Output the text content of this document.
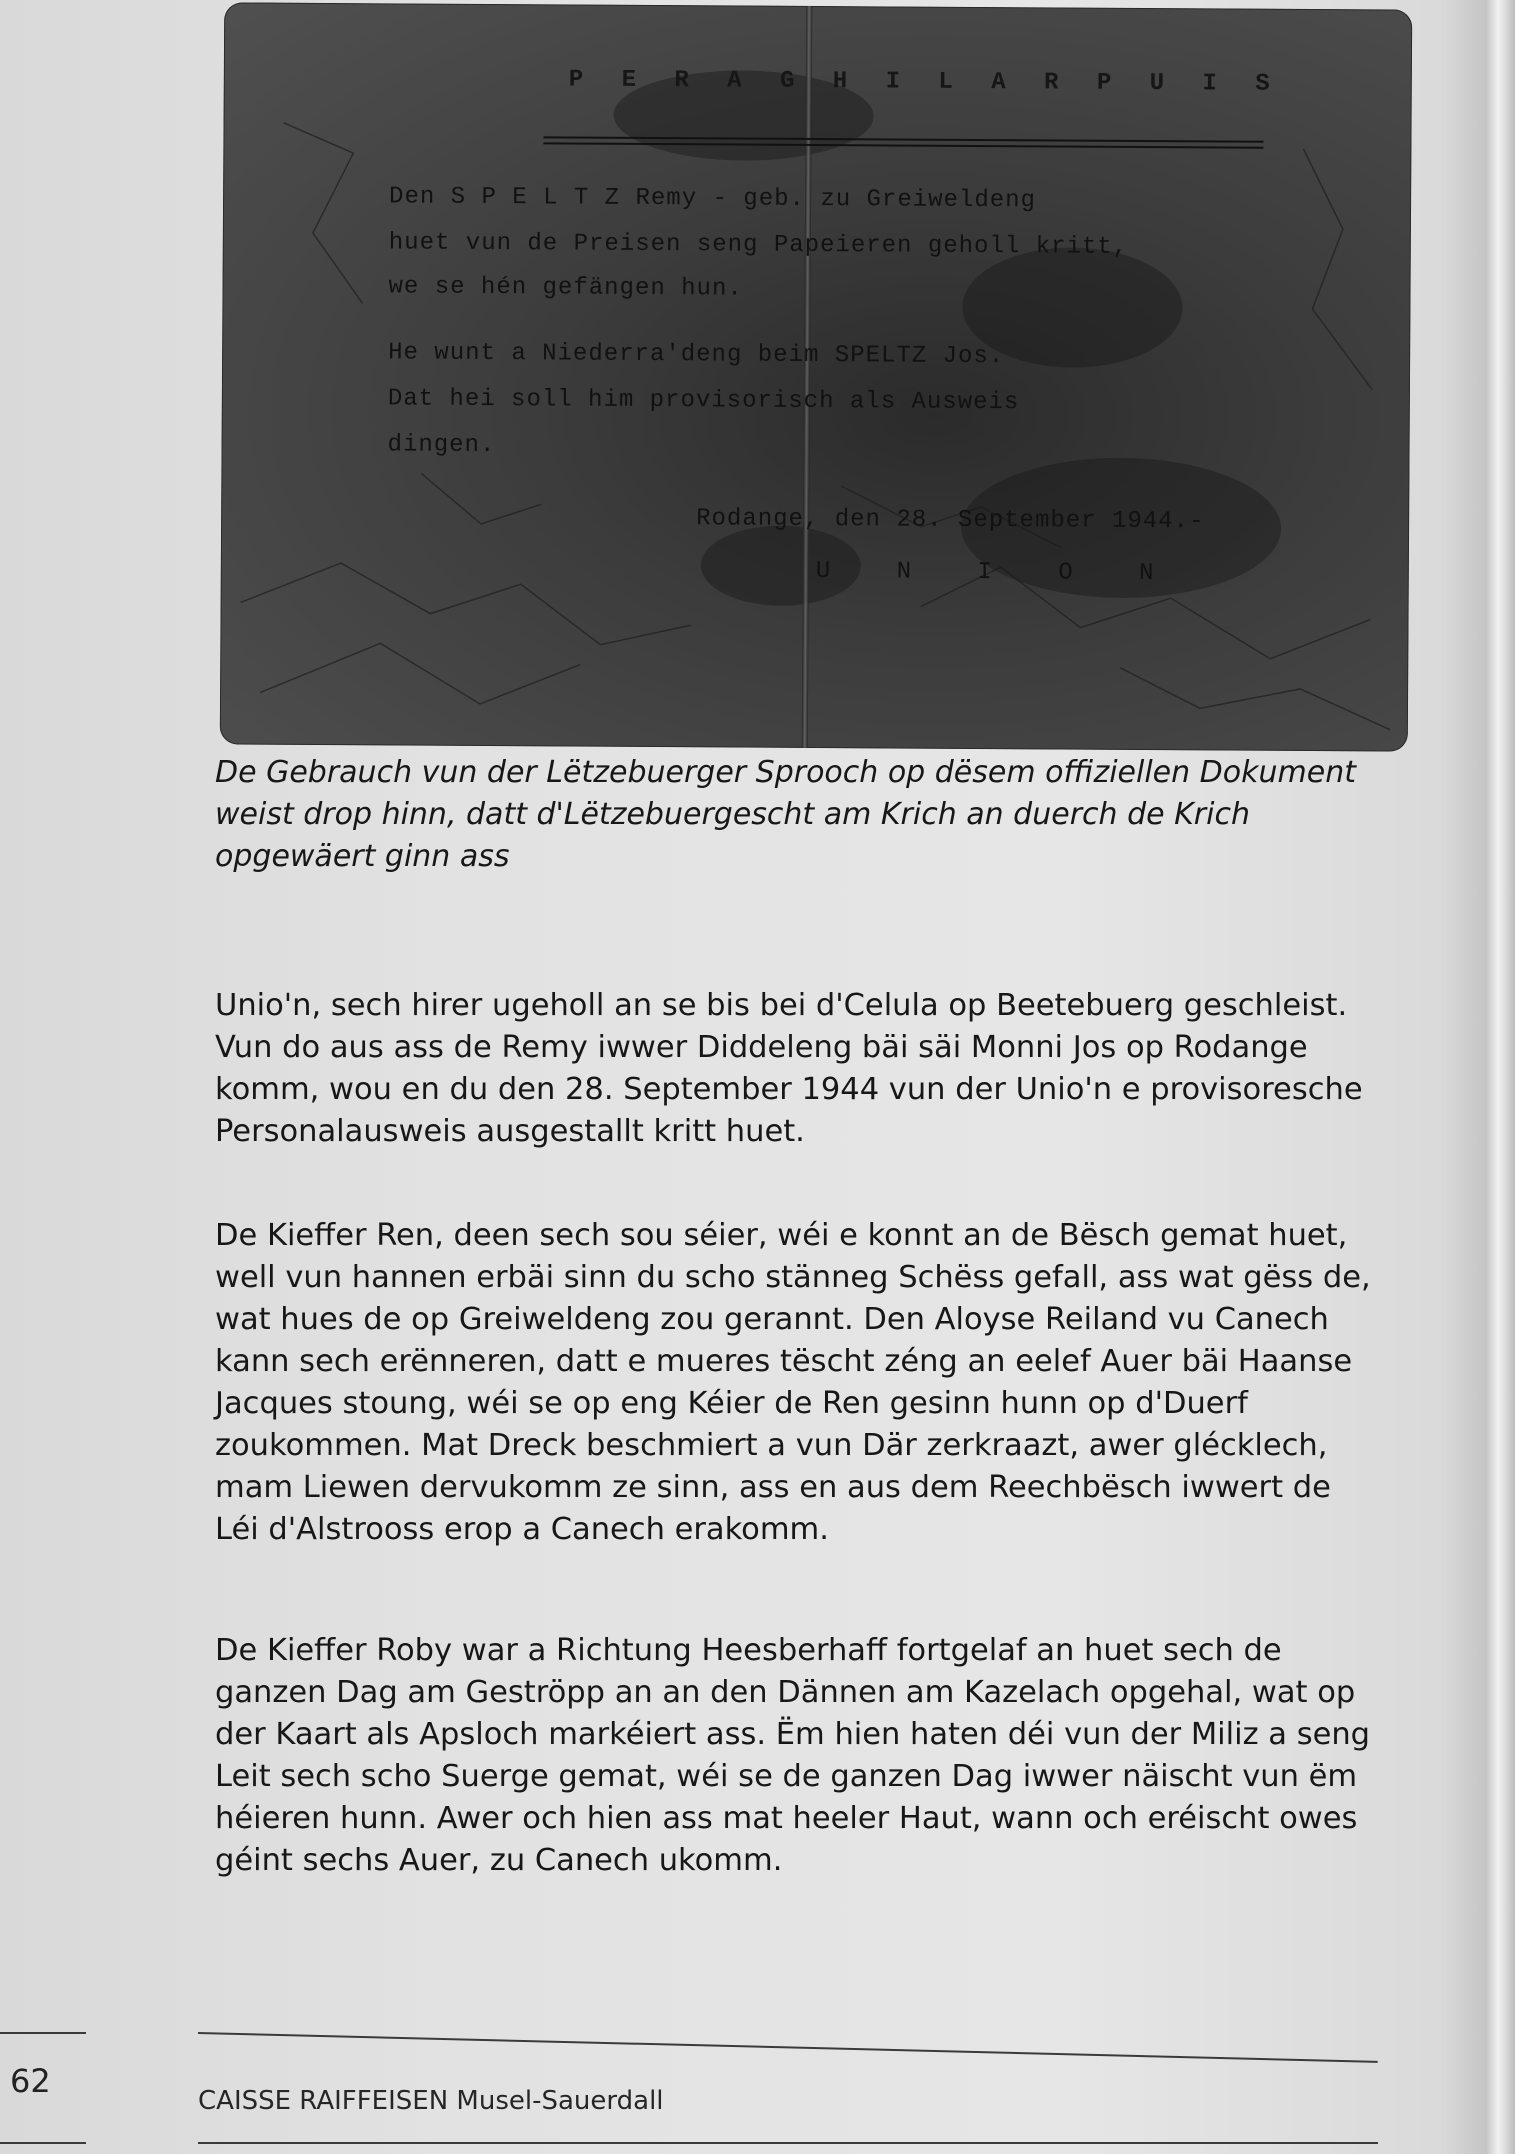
P E R A G H I L A R P U I S
Den S P E L T Z Remy - geb. zu Greiweldeng
huet vun de Preisen seng Papeieren geholl kritt,
we se hén gefängen hun.
He wunt a Niederra'deng beim SPELTZ Jos.
Dat hei soll him provisorisch als Ausweis
dingen.
Rodange, den 28. September 1944.-
U N I O N
De Gebrauch vun der Lëtzebuerger Sprooch op dësem offiziellen Dokument
weist drop hinn, datt d'Lëtzebuergescht am Krich an duerch de Krich
opgewäert ginn ass
Unio'n, sech hirer ugeholl an se bis bei d'Celula op Beetebuerg geschleist.
Vun do aus ass de Remy iwwer Diddeleng bäi säi Monni Jos op Rodange
komm, wou en du den 28. September 1944 vun der Unio'n e provisoresche
Personalausweis ausgestallt kritt huet.
De Kieffer Ren, deen sech sou séier, wéi e konnt an de Bësch gemat huet,
well vun hannen erbäi sinn du scho stänneg Schëss gefall, ass wat gëss de,
wat hues de op Greiweldeng zou gerannt. Den Aloyse Reiland vu Canech
kann sech erënneren, datt e mueres tëscht zéng an eelef Auer bäi Haanse
Jacques stoung, wéi se op eng Kéier de Ren gesinn hunn op d'Duerf
zoukommen. Mat Dreck beschmiert a vun Där zerkraazt, awer glécklech,
mam Liewen dervukomm ze sinn, ass en aus dem Reechbësch iwwert de
Léi d'Alstrooss erop a Canech erakomm.
De Kieffer Roby war a Richtung Heesberhaff fortgelaf an huet sech de
ganzen Dag am Geströpp an an den Dännen am Kazelach opgehal, wat op
der Kaart als Apsloch markéiert ass. Ëm hien haten déi vun der Miliz a seng
Leit sech scho Suerge gemat, wéi se de ganzen Dag iwwer näischt vun ëm
héieren hunn. Awer och hien ass mat heeler Haut, wann och eréischt owes
géint sechs Auer, zu Canech ukomm.
62
CAISSE RAIFFEISEN Musel-Sauerdall
